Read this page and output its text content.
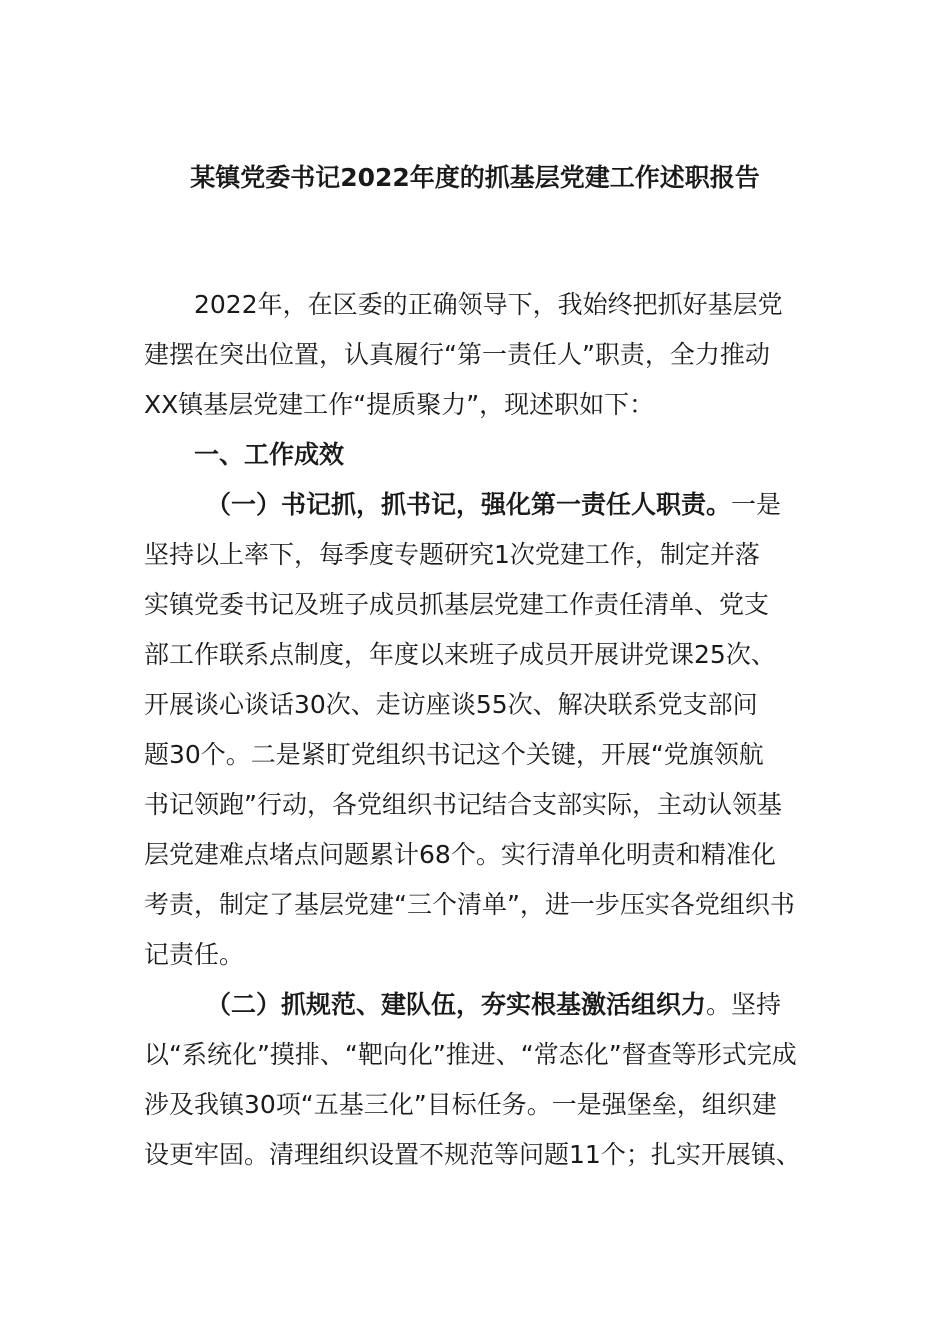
某镇党委书记2022年度的抓基层党建工作述职报告
2022年，在区委的正确领导下，我始终把抓好基层党
建摆在突出位置，认真履行“第一责任人”职责，全力推动
XX镇基层党建工作“提质聚力”，现述职如下：
一、工作成效
（一）书记抓，抓书记，强化第一责任人职责。一是
坚持以上率下，每季度专题研究1次党建工作，制定并落
实镇党委书记及班子成员抓基层党建工作责任清单、党支
部工作联系点制度，年度以来班子成员开展讲党课25次、
开展谈心谈话30次、走访座谈55次、解决联系党支部问
题30个。二是紧盯党组织书记这个关键，开展“党旗领航
书记领跑”行动，各党组织书记结合支部实际，主动认领基
层党建难点堵点问题累计68个。实行清单化明责和精准化
考责，制定了基层党建“三个清单”，进一步压实各党组织书
记责任。
（二）抓规范、建队伍，夯实根基激活组织力。坚持
以“系统化”摸排、“靶向化”推进、“常态化”督查等形式完成
涉及我镇30项“五基三化”目标任务。一是强堡垒，组织建
设更牢固。清理组织设置不规范等问题11个；扎实开展镇、
